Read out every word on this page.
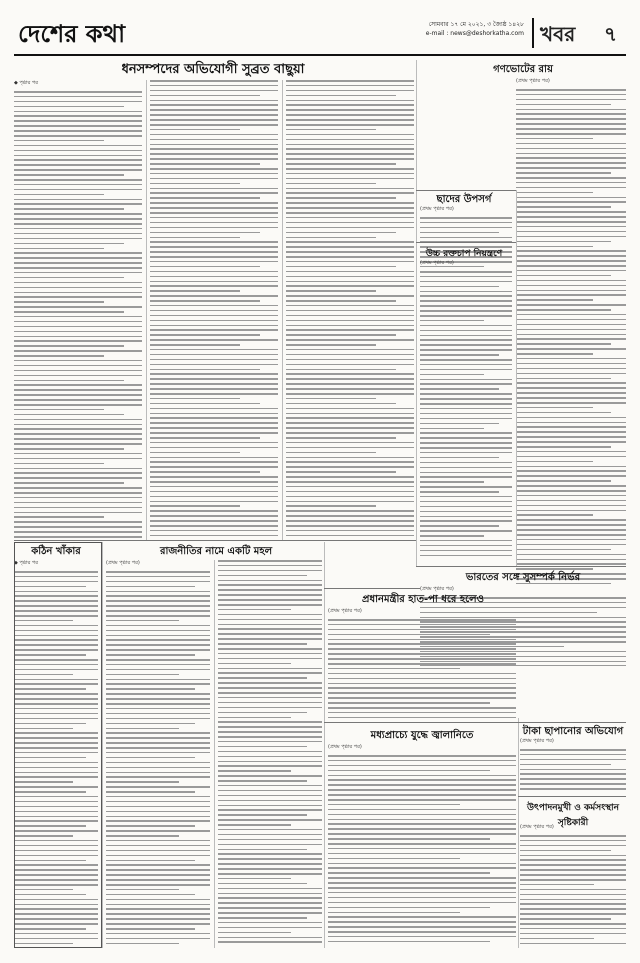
দেশের কথা	সোমবার ১৭ মে ২০২১, ৩ জ্যৈষ্ঠ ১৪২৮
e-mail : news@deshorkatha.com খবর ৭
ধনসম্পদের অভিযোগী সুব্রত বাছুয়া
◆ পৃষ্ঠার পর
গণভোটের রায়
(প্রথম পৃষ্ঠার পর)
ছাদের উপসর্গ
(প্রথম পৃষ্ঠার পর)
উচ্চ রক্তচাপ নিয়ন্ত্রণে
(প্রথম পৃষ্ঠার পর)
ভারতের সঙ্গে সুসম্পর্ক নির্ভর
(প্রথম পৃষ্ঠার পর)
কঠিন খাঁকার
◆ পৃষ্ঠার পর
রাজনীতির নামে একটি মহল
(প্রথম পৃষ্ঠার পর)
প্রধানমন্ত্রীর হাত-পা ধরে হলেও
(প্রথম পৃষ্ঠার পর)
টাকা ছাপানোর অভিযোগ
(প্রথম পৃষ্ঠার পর)
মধ্যপ্রাচ্যে যুদ্ধে জ্বালানিতে
(প্রথম পৃষ্ঠার পর)
উৎপাদনমুখী ও কর্মসংস্থান সৃষ্টিকারী
(প্রথম পৃষ্ঠার পর)
